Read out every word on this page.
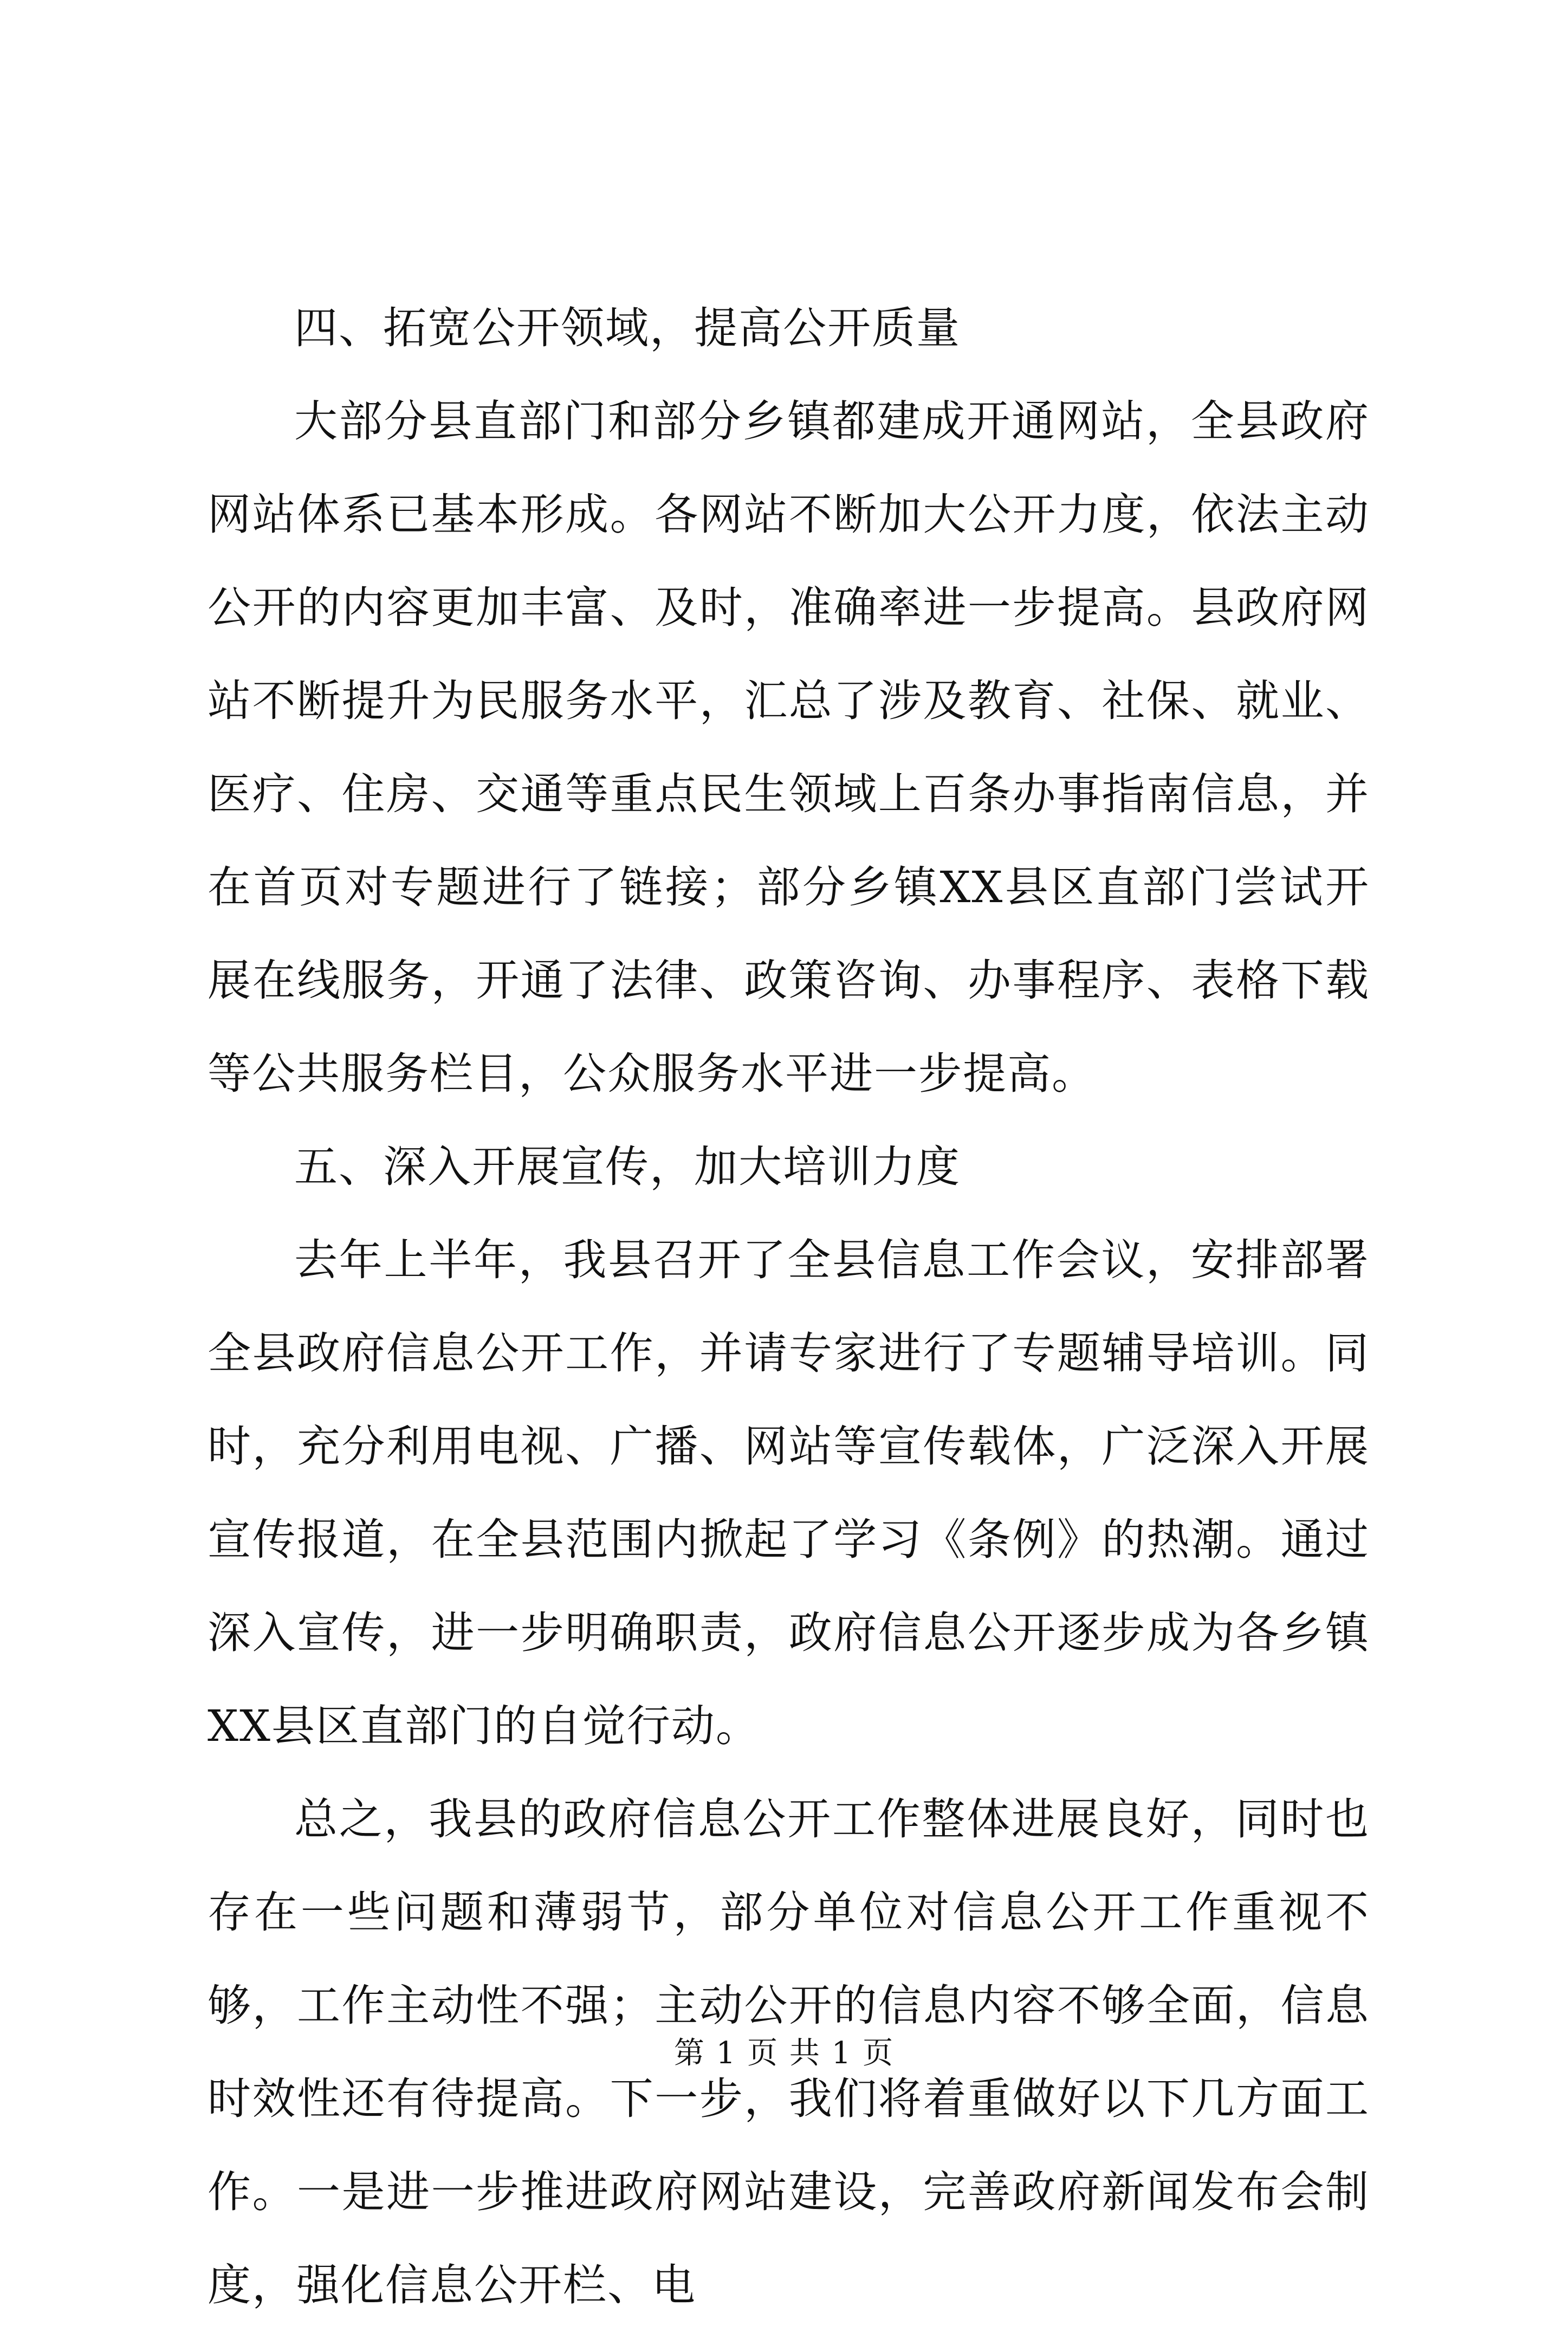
四、拓宽公开领域，提高公开质量

大部分县直部门和部分乡镇都建成开通网站，全县政府网站体系已基本形成。各网站不断加大公开力度，依法主动公开的内容更加丰富、及时，准确率进一步提高。县政府网站不断提升为民服务水平，汇总了涉及教育、社保、就业、医疗、住房、交通等重点民生领域上百条办事指南信息，并在首页对专题进行了链接；部分乡镇XX县区直部门尝试开展在线服务，开通了法律、政策咨询、办事程序、表格下载等公共服务栏目，公众服务水平进一步提高。

五、深入开展宣传，加大培训力度

去年上半年，我县召开了全县信息工作会议，安排部署全县政府信息公开工作，并请专家进行了专题辅导培训。同时，充分利用电视、广播、网站等宣传载体，广泛深入开展宣传报道，在全县范围内掀起了学习《条例》的热潮。通过深入宣传，进一步明确职责，政府信息公开逐步成为各乡镇XX县区直部门的自觉行动。

总之，我县的政府信息公开工作整体进展良好，同时也存在一些问题和薄弱节，部分单位对信息公开工作重视不够，工作主动性不强；主动公开的信息内容不够全面，信息时效性还有待提高。下一步，我们将着重做好以下几方面工作。一是进一步推进政府网站建设，完善政府新闻发布会制度，强化信息公开栏、电

第 1 页 共 1 页
